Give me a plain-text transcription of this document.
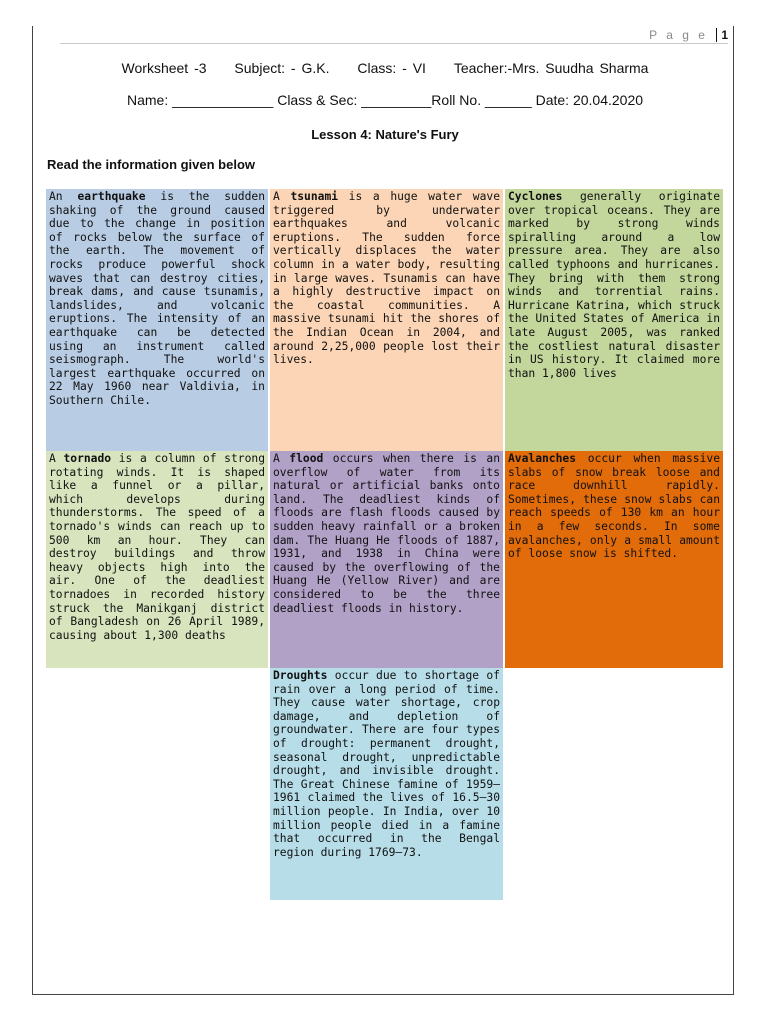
P a g e 1
Worksheet -3 Subject: - G.K. Class: - VI Teacher:-Mrs. Suudha Sharma
Name: _____________ Class & Sec: _________Roll No. ______ Date: 20.04.2020
Lesson 4: Nature's Fury
Read the information given below
An earthquake is the sudden shaking of the ground caused due to the change in position of rocks below the surface of the earth. The movement of rocks produce powerful shock waves that can destroy cities, break dams, and cause tsunamis, landslides, and volcanic eruptions. The intensity of an earthquake can be detected using an instrument called seismograph. The world's largest earthquake occurred on 22 May 1960 near Valdivia, in Southern Chile.
A tsunami is a huge water wave triggered by underwater earthquakes and volcanic eruptions. The sudden force vertically displaces the water column in a water body, resulting in large waves. Tsunamis can have a highly destructive impact on the coastal communities. A massive tsunami hit the shores of the Indian Ocean in 2004, and around 2,25,000 people lost their lives.
Cyclones generally originate over tropical oceans. They are marked by strong winds spiralling around a low pressure area. They are also called typhoons and hurricanes. They bring with them strong winds and torrential rains. Hurricane Katrina, which struck the United States of America in late August 2005, was ranked the costliest natural disaster in US history. It claimed more than 1,800 lives
A tornado is a column of strong rotating winds. It is shaped like a funnel or a pillar, which develops during thunderstorms. The speed of a tornado's winds can reach up to 500 km an hour. They can destroy buildings and throw heavy objects high into the air. One of the deadliest tornadoes in recorded history struck the Manikganj district of Bangladesh on 26 April 1989, causing about 1,300 deaths
A flood occurs when there is an overflow of water from its natural or artificial banks onto land. The deadliest kinds of floods are flash floods caused by sudden heavy rainfall or a broken dam. The Huang He floods of 1887, 1931, and 1938 in China were caused by the overflowing of the Huang He (Yellow River) and are considered to be the three deadliest floods in history.
Avalanches occur when massive slabs of snow break loose and race downhill rapidly. Sometimes, these snow slabs can reach speeds of 130 km an hour in a few seconds. In some avalanches, only a small amount of loose snow is shifted.
Droughts occur due to shortage of rain over a long period of time. They cause water shortage, crop damage, and depletion of groundwater. There are four types of drought: permanent drought, seasonal drought, unpredictable drought, and invisible drought. The Great Chinese famine of 1959–1961 claimed the lives of 16.5–30 million people. In India, over 10 million people died in a famine that occurred in the Bengal region during 1769–73.
